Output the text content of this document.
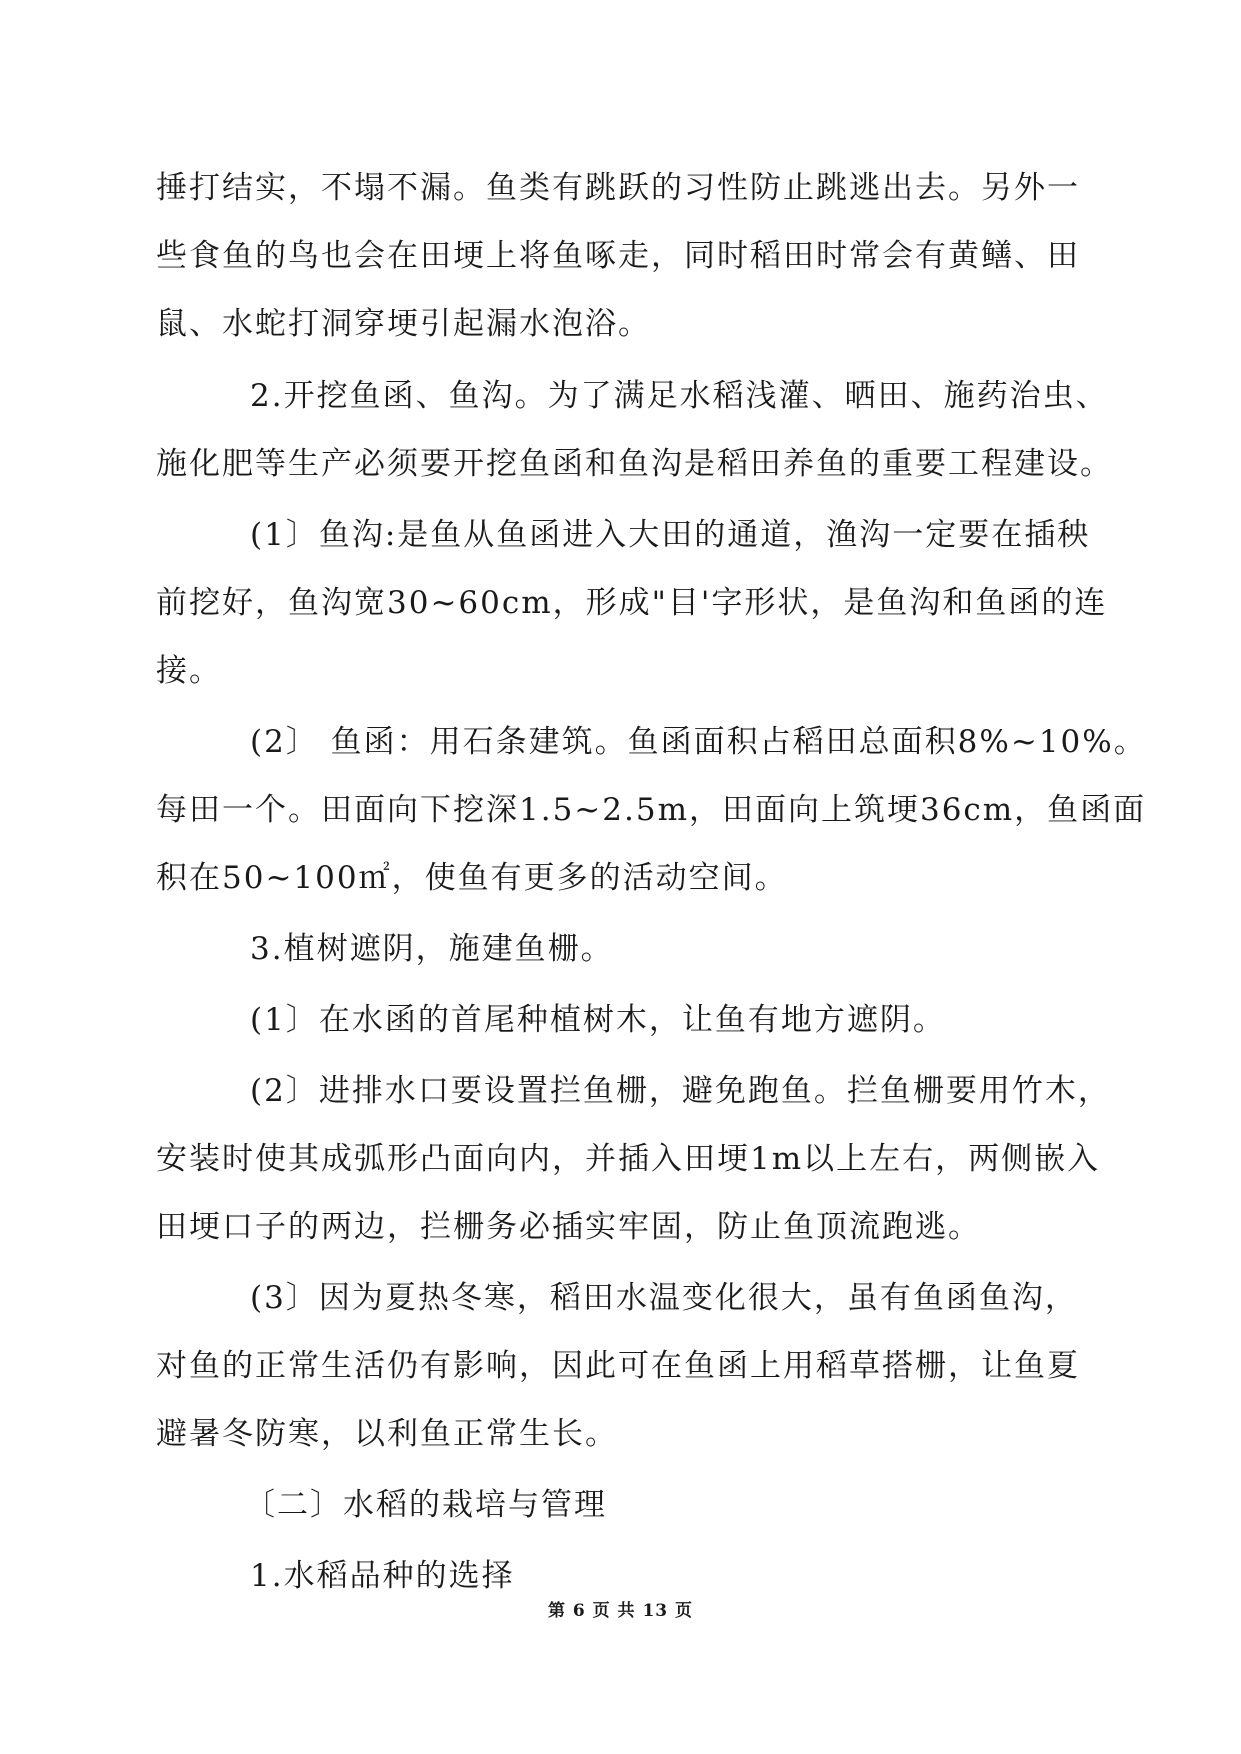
捶打结实，不塌不漏。鱼类有跳跃的习性防止跳逃出去。另外一
些食鱼的鸟也会在田埂上将鱼啄走，同时稻田时常会有黄鳝、田
鼠、水蛇打洞穿埂引起漏水泡浴。
2.开挖鱼函、鱼沟。为了满足水稻浅灌、晒田、施药治虫、
施化肥等生产必须要开挖鱼函和鱼沟是稻田养鱼的重要工程建设。
(1〕鱼沟:是鱼从鱼函进入大田的通道，渔沟一定要在插秧
前挖好，鱼沟宽30~60cm，形成"目'字形状，是鱼沟和鱼函的连
接。
(2〕 鱼函：用石条建筑。鱼函面积占稻田总面积8%~10%。
每田一个。田面向下挖深1.5~2.5m，田面向上筑埂36cm，鱼函面
积在50~100㎡，使鱼有更多的活动空间。
3.植树遮阴，施建鱼栅。
(1〕在水函的首尾种植树木，让鱼有地方遮阴。
(2〕进排水口要设置拦鱼栅，避免跑鱼。拦鱼栅要用竹木，
安装时使其成弧形凸面向内，并插入田埂1m以上左右，两侧嵌入
田埂口子的两边，拦栅务必插实牢固，防止鱼顶流跑逃。
(3〕因为夏热冬寒，稻田水温变化很大，虽有鱼函鱼沟，
对鱼的正常生活仍有影响，因此可在鱼函上用稻草搭栅，让鱼夏
避暑冬防寒，以利鱼正常生长。
〔二〕水稻的栽培与管理
1.水稻品种的选择
第 6 页 共 13 页
